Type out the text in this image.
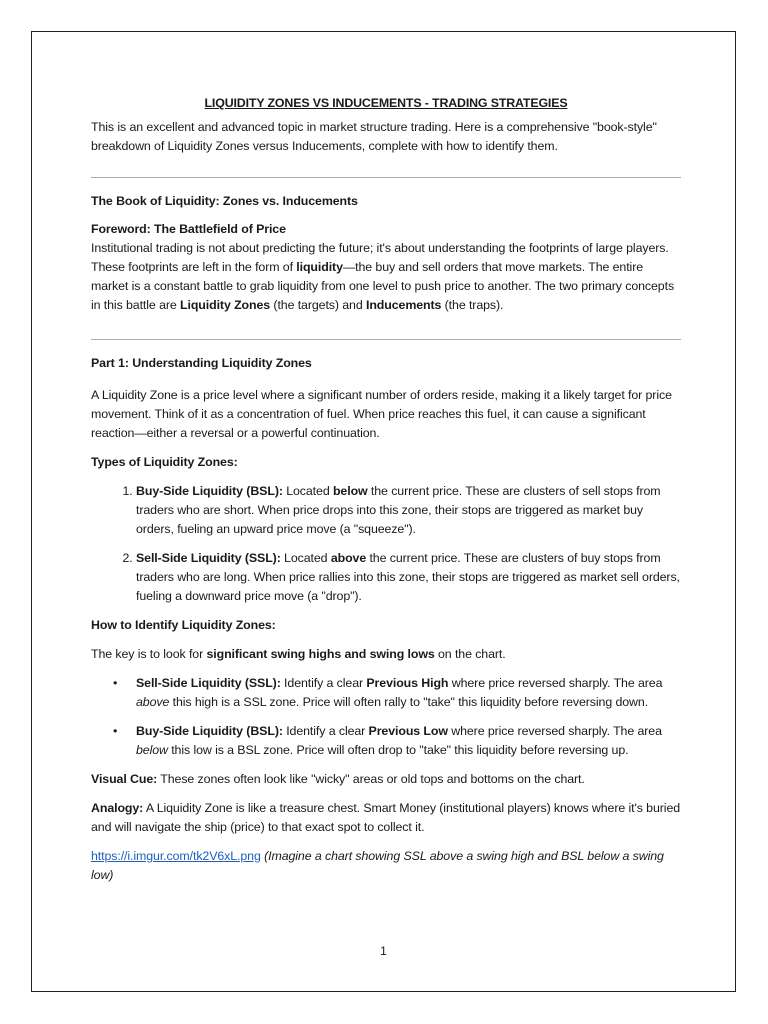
LIQUIDITY ZONES VS INDUCEMENTS - TRADING STRATEGIES

This is an excellent and advanced topic in market structure trading. Here is a comprehensive "book-style" breakdown of Liquidity Zones versus Inducements, complete with how to identify them.

The Book of Liquidity: Zones vs. Inducements

Foreword: The Battlefield of Price

Institutional trading is not about predicting the future; it's about understanding the footprints of large players. These footprints are left in the form of liquidity—the buy and sell orders that move markets. The entire market is a constant battle to grab liquidity from one level to push price to another. The two primary concepts in this battle are Liquidity Zones (the targets) and Inducements (the traps).

Part 1: Understanding Liquidity Zones

A Liquidity Zone is a price level where a significant number of orders reside, making it a likely target for price movement. Think of it as a concentration of fuel. When price reaches this fuel, it can cause a significant reaction—either a reversal or a powerful continuation.

Types of Liquidity Zones:

1. Buy-Side Liquidity (BSL): Located below the current price. These are clusters of sell stops from traders who are short. When price drops into this zone, their stops are triggered as market buy orders, fueling an upward price move (a "squeeze").
2. Sell-Side Liquidity (SSL): Located above the current price. These are clusters of buy stops from traders who are long. When price rallies into this zone, their stops are triggered as market sell orders, fueling a downward price move (a "drop").

How to Identify Liquidity Zones:

The key is to look for significant swing highs and swing lows on the chart.

• Sell-Side Liquidity (SSL): Identify a clear Previous High where price reversed sharply. The area above this high is a SSL zone. Price will often rally to "take" this liquidity before reversing down.
• Buy-Side Liquidity (BSL): Identify a clear Previous Low where price reversed sharply. The area below this low is a BSL zone. Price will often drop to "take" this liquidity before reversing up.

Visual Cue: These zones often look like "wicky" areas or old tops and bottoms on the chart.

Analogy: A Liquidity Zone is like a treasure chest. Smart Money (institutional players) knows where it's buried and will navigate the ship (price) to that exact spot to collect it.

https://i.imgur.com/tk2V6xL.png (Imagine a chart showing SSL above a swing high and BSL below a swing low)

1
